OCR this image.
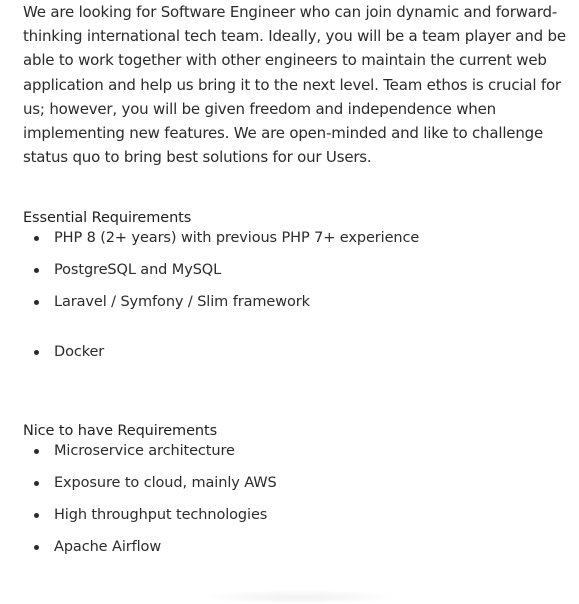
We are looking for Software Engineer who can join dynamic and forward-thinking international tech team. Ideally, you will be a team player and be able to work together with other engineers to maintain the current web application and help us bring it to the next level. Team ethos is crucial for us; however, you will be given freedom and independence when implementing new features. We are open-minded and like to challenge status quo to bring best solutions for our Users.

Essential Requirements
PHP 8 (2+ years) with previous PHP 7+ experience
PostgreSQL and MySQL
Laravel / Symfony / Slim framework
Docker
Nice to have Requirements
Microservice architecture
Exposure to cloud, mainly AWS
High throughput technologies
Apache Airflow
